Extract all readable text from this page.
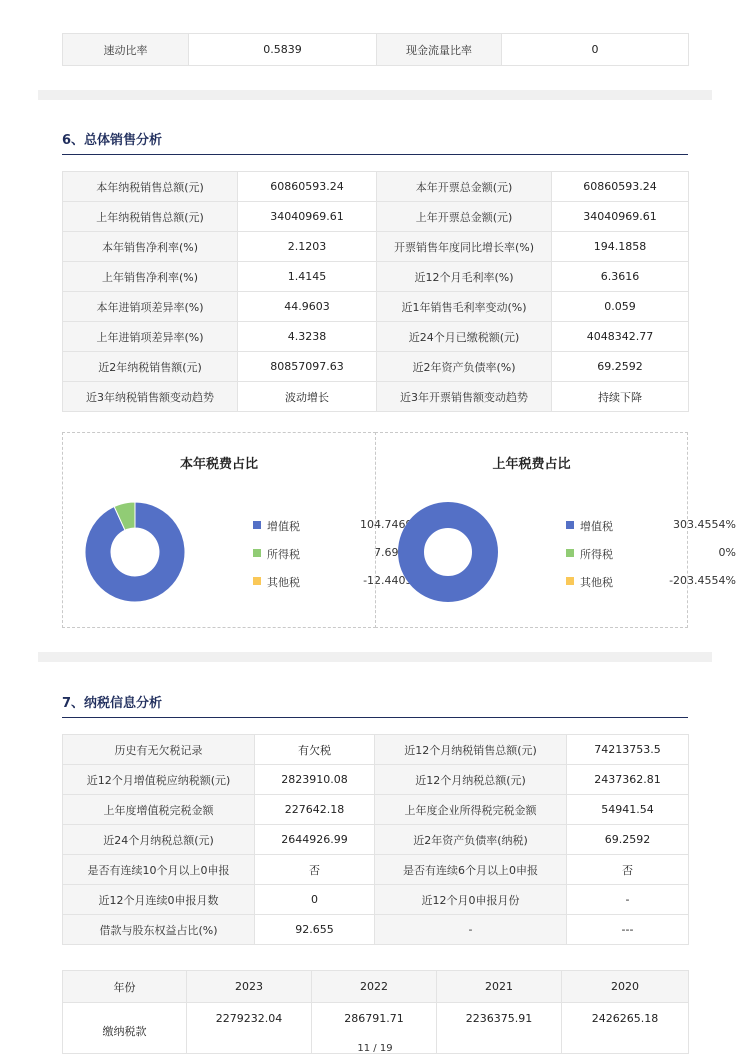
速动比率	0.5839	现金流量比率	0
6、总体销售分析
本年纳税销售总额(元)	60860593.24	本年开票总金额(元)	60860593.24
上年纳税销售总额(元)	34040969.61	上年开票总金额(元)	34040969.61
本年销售净利率(%)	2.1203	开票销售年度同比增长率(%)	194.1858
上年销售净利率(%)	1.4145	近12个月毛利率(%)	6.3616
本年进销项差异率(%)	44.9603	近1年销售毛利率变动(%)	0.059
上年进销项差异率(%)	4.3238	近24个月已缴税额(元)	4048342.77
近2年纳税销售额(元)	80857097.63	近2年资产负债率(%)	69.2592
近3年纳税销售额变动趋势	波动增长	近3年开票销售额变动趋势	持续下降
本年税费占比
增值税	104.7469%
所得税	7.6934%
其他税	-12.4403%
上年税费占比
增值税	303.4554%
所得税	0%
其他税	-203.4554%
7、纳税信息分析
历史有无欠税记录	有欠税	近12个月纳税销售总额(元)	74213753.5
近12个月增值税应纳税额(元)	2823910.08	近12个月纳税总额(元)	2437362.81
上年度增值税完税金额	227642.18	上年度企业所得税完税金额	54941.54
近24个月纳税总额(元)	2644926.99	近2年资产负债率(纳税)	69.2592
是否有连续10个月以上0申报	否	是否有连续6个月以上0申报	否
近12个月连续0申报月数	0	近12个月0申报月份	-
借款与股东权益占比(%)	92.655	-	---
年份	2023	2022	2021	2020
缴纳税款	2279232.04	286791.71	2236375.91	2426265.18
11 / 19
